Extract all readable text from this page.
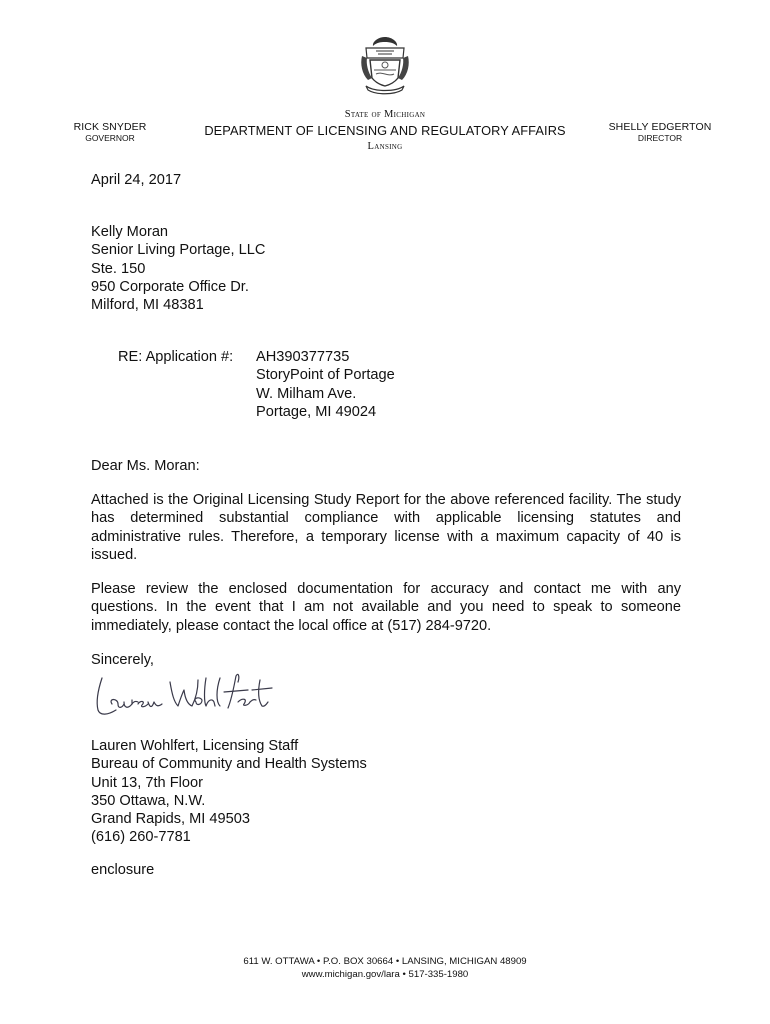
RICK SNYDER
GOVERNOR
State of Michigan
DEPARTMENT OF LICENSING AND REGULATORY AFFAIRS
Lansing
SHELLY EDGERTON
DIRECTOR
April 24, 2017
Kelly Moran
Senior Living Portage, LLC
Ste. 150
950 Corporate Office Dr.
Milford, MI 48381
RE: Application #: AH390377735
StoryPoint of Portage
W. Milham Ave.
Portage, MI 49024
Dear Ms. Moran:
Attached is the Original Licensing Study Report for the above referenced facility. The study has determined substantial compliance with applicable licensing statutes and administrative rules. Therefore, a temporary license with a maximum capacity of 40 is issued.
Please review the enclosed documentation for accuracy and contact me with any questions. In the event that I am not available and you need to speak to someone immediately, please contact the local office at (517) 284-9720.
Sincerely,
Lauren Wohlfert, Licensing Staff
Bureau of Community and Health Systems
Unit 13, 7th Floor
350 Ottawa, N.W.
Grand Rapids, MI 49503
(616) 260-7781
enclosure
611 W. OTTAWA • P.O. BOX 30664 • LANSING, MICHIGAN 48909
www.michigan.gov/lara • 517-335-1980
